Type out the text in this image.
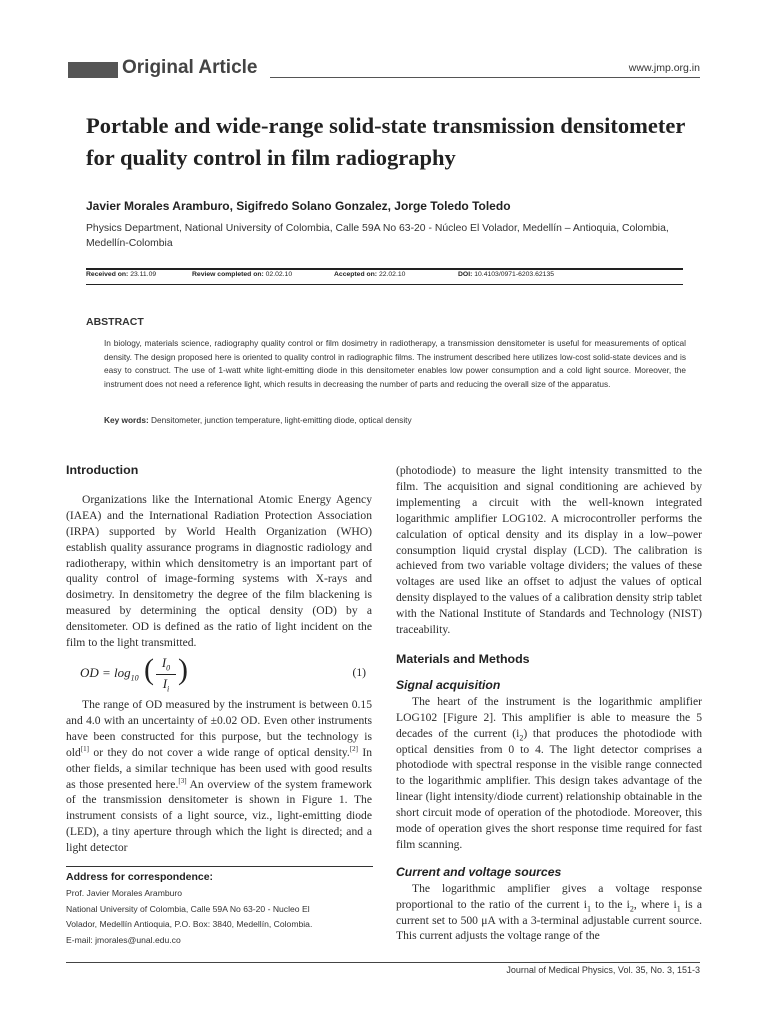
Original Article	www.jmp.org.in
Portable and wide-range solid-state transmission densitometer for quality control in film radiography
Javier Morales Aramburo, Sigifredo Solano Gonzalez, Jorge Toledo Toledo
Physics Department, National University of Colombia, Calle 59A No 63-20 - Núcleo El Volador, Medellín – Antioquia, Colombia, Medellín-Colombia
Received on: 23.11.09	Review completed on: 02.02.10	Accepted on: 22.02.10	DOI: 10.4103/0971-6203.62135
ABSTRACT
In biology, materials science, radiography quality control or film dosimetry in radiotherapy, a transmission densitometer is useful for measurements of optical density. The design proposed here is oriented to quality control in radiographic films. The instrument described here utilizes low-cost solid-state devices and is easy to construct. The use of 1-watt white light-emitting diode in this densitometer enables low power consumption and a cold light source. Moreover, the instrument does not need a reference light, which results in decreasing the number of parts and reducing the overall size of the apparatus.
Key words: Densitometer, junction temperature, light-emitting diode, optical density
Introduction

Organizations like the International Atomic Energy Agency (IAEA) and the International Radiation Protection Association (IRPA) supported by World Health Organization (WHO) establish quality assurance programs in diagnostic radiology and radiotherapy, within which densitometry is an important part of quality control of image-forming systems with X-rays and dosimetry. In densitometry the degree of the film blackening is measured by determining the optical density (OD) by a densitometer. OD is defined as the ratio of light incident on the film to the light transmitted.

OD = $\log_{10}$ ( $I_0$
$I_i$
)	(1)

The range of OD measured by the instrument is between 0.15 and 4.0 with an uncertainty of ±0.02 OD. Even other instruments have been constructed for this purpose, but the technology is old[1] or they do not cover a wide range of optical density.[2] In other fields, a similar technique has been used with good results as those presented here.[3] An overview of the system framework of the transmission densitometer is shown in Figure 1. The instrument consists of a light source, viz., light-emitting diode (LED), a tiny aperture through which the light is directed; and a light detector

Address for correspondence:
Prof. Javier Morales Aramburo
National University of Colombia, Calle 59A No 63-20 - Nucleo El
Volador, Medellín Antioquia, P.O. Box: 3840, Medellín, Colombia.
E-mail: jmorales@unal.edu.co

(photodiode) to measure the light intensity transmitted to the film. The acquisition and signal conditioning are achieved by implementing a circuit with the well-known integrated logarithmic amplifier LOG102. A microcontroller performs the calculation of optical density and its display in a low–power consumption liquid crystal display (LCD). The calibration is achieved from two variable voltage dividers; the values of these voltages are used like an offset to adjust the values of optical density displayed to the values of a calibration density strip tablet with the National Institute of Standards and Technology (NIST) traceability.

Materials and Methods
Signal acquisition

The heart of the instrument is the logarithmic amplifier LOG102 [Figure 2]. This amplifier is able to measure the 5 decades of the current $(i_2)$ that produces the photodiode with optical densities from 0 to 4. The light detector comprises a photodiode with spectral response in the visible range connected to the logarithmic amplifier. This design takes advantage of the linear (light intensity/diode current) relationship obtainable in the short circuit mode of operation of the photodiode. Moreover, this mode of operation gives the short response time required for fast film scanning.

Current and voltage sources

The logarithmic amplifier gives a voltage response proportional to the ratio of the current $i_1$ to the $i_2$, where $i_1$ is a current set to 500 μA with a 3-terminal adjustable current source. This current adjusts the voltage range of the

Journal of Medical Physics, Vol. 35, No. 3, 151-3
